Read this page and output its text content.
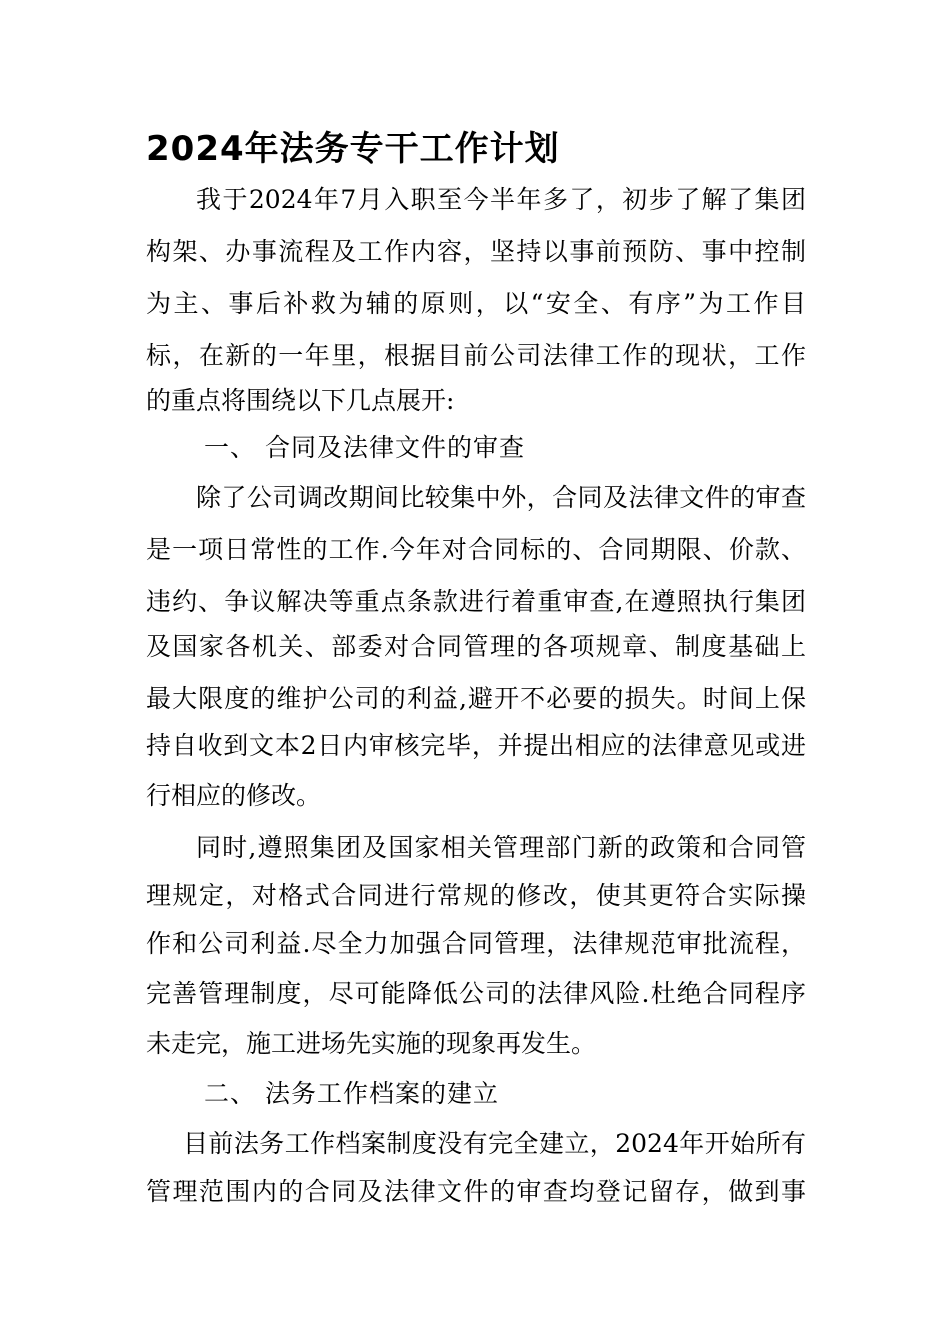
2024年法务专干工作计划
我于2024年7月入职至今半年多了，初步了解了集团
构架、办事流程及工作内容，坚持以事前预防、事中控制
为主、事后补救为辅的原则，以“安全、有序”为工作目
标，在新的一年里，根据目前公司法律工作的现状，工作
的重点将围绕以下几点展开:
一、 合同及法律文件的审查
除了公司调改期间比较集中外，合同及法律文件的审查
是一项日常性的工作.今年对合同标的、合同期限、价款、
违约、争议解决等重点条款进行着重审查,在遵照执行集团
及国家各机关、部委对合同管理的各项规章、制度基础上
最大限度的维护公司的利益,避开不必要的损失。时间上保
持自收到文本2日内审核完毕，并提出相应的法律意见或进
行相应的修改。
同时,遵照集团及国家相关管理部门新的政策和合同管
理规定，对格式合同进行常规的修改，使其更符合实际操
作和公司利益.尽全力加强合同管理，法律规范审批流程，
完善管理制度，尽可能降低公司的法律风险.杜绝合同程序
未走完，施工进场先实施的现象再发生。
二、 法务工作档案的建立
目前法务工作档案制度没有完全建立，2024年开始所有
管理范围内的合同及法律文件的审查均登记留存，做到事
